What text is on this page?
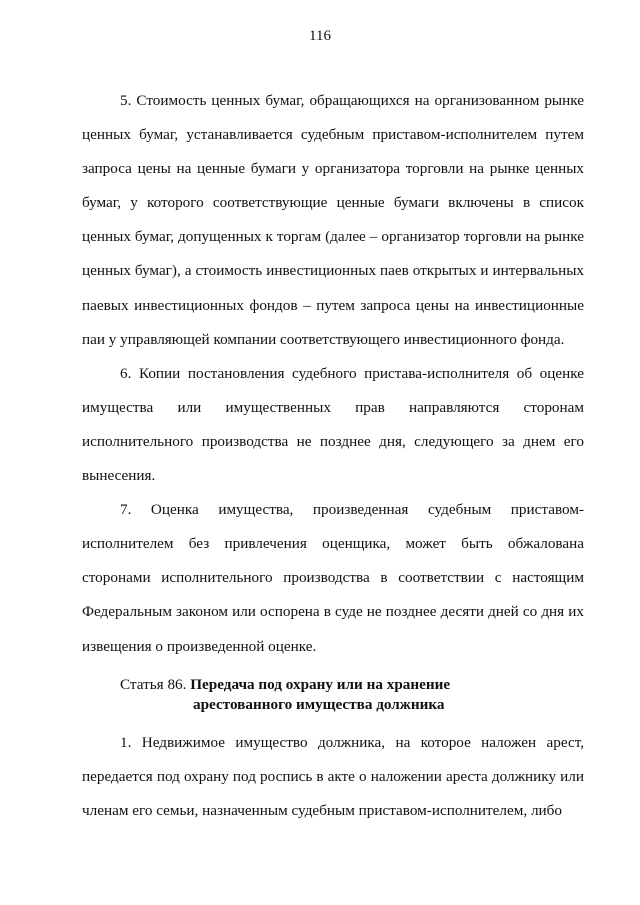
116

5. Стоимость ценных бумаг, обращающихся на организованном рынке ценных бумаг, устанавливается судебным приставом-исполнителем путем запроса цены на ценные бумаги у организатора торговли на рынке ценных бумаг, у которого соответствующие ценные бумаги включены в список ценных бумаг, допущенных к торгам (далее – организатор торговли на рынке ценных бумаг), а стоимость инвестиционных паев открытых и интервальных паевых инвестиционных фондов – путем запроса цены на инвестиционные паи у управляющей компании соответствующего инвестиционного фонда.

6. Копии постановления судебного пристава-исполнителя об оценке имущества или имущественных прав направляются сторонам исполнительного производства не позднее дня, следующего за днем его вынесения.

7. Оценка имущества, произведенная судебным приставом-исполнителем без привлечения оценщика, может быть обжалована сторонами исполнительного производства в соответствии с настоящим Федеральным законом или оспорена в суде не позднее десяти дней со дня их извещения о произведенной оценке.

Статья 86. Передача под охрану или на хранение
арестованного имущества должника

1. Недвижимое имущество должника, на которое наложен арест, передается под охрану под роспись в акте о наложении ареста должнику или членам его семьи, назначенным судебным приставом-исполнителем, либо
